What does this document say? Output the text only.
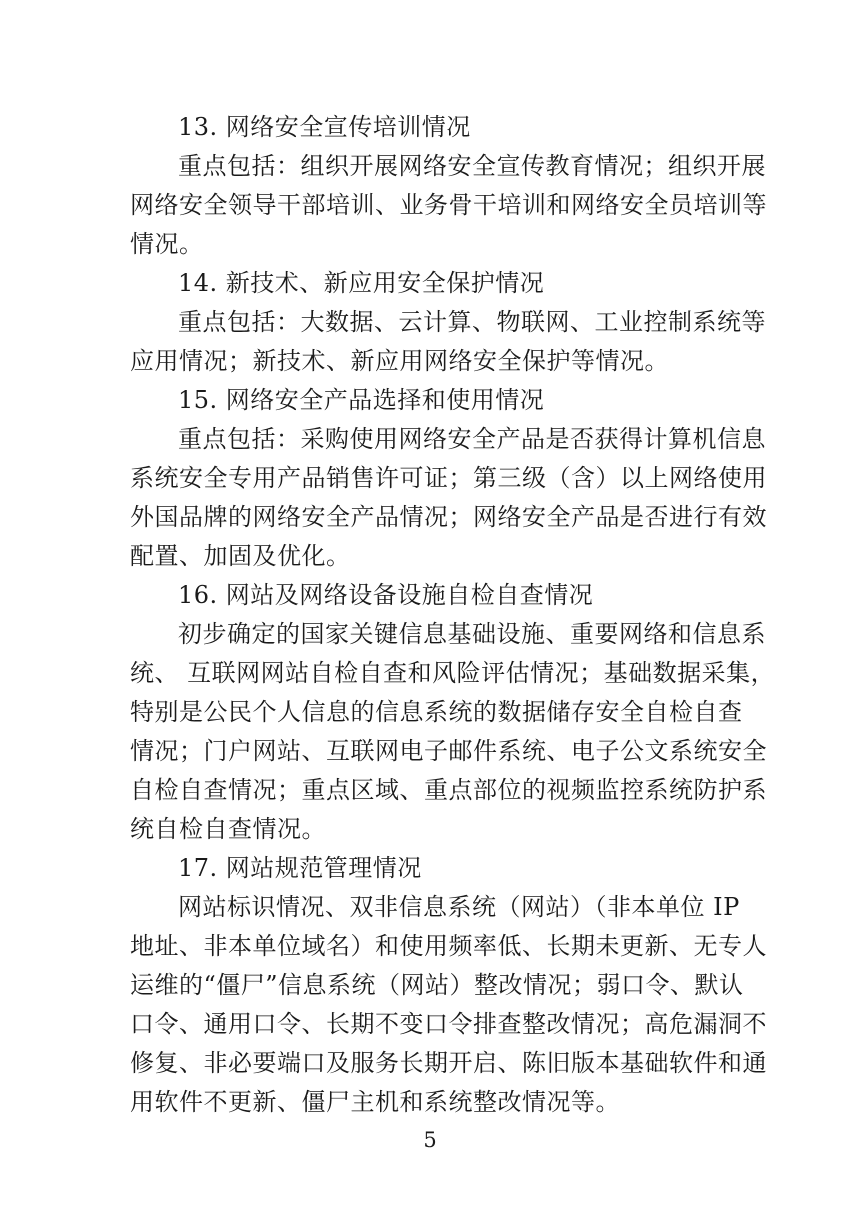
13. 网络安全宣传培训情况
重点包括：组织开展网络安全宣传教育情况；组织开展
网络安全领导干部培训、业务骨干培训和网络安全员培训等
情况。
14. 新技术、新应用安全保护情况
重点包括：大数据、云计算、物联网、工业控制系统等
应用情况；新技术、新应用网络安全保护等情况。
15. 网络安全产品选择和使用情况
重点包括：采购使用网络安全产品是否获得计算机信息
系统安全专用产品销售许可证；第三级（含）以上网络使用
外国品牌的网络安全产品情况；网络安全产品是否进行有效
配置、加固及优化。
16. 网站及网络设备设施自检自查情况
初步确定的国家关键信息基础设施、重要网络和信息系
统、 互联网网站自检自查和风险评估情况；基础数据采集，
特别是公民个人信息的信息系统的数据储存安全自检自查
情况；门户网站、互联网电子邮件系统、电子公文系统安全
自检自查情况；重点区域、重点部位的视频监控系统防护系
统自检自查情况。
17. 网站规范管理情况
网站标识情况、双非信息系统（网站）（非本单位 IP
地址、非本单位域名）和使用频率低、长期未更新、无专人
运维的“僵尸”信息系统（网站）整改情况；弱口令、默认
口令、通用口令、长期不变口令排查整改情况；高危漏洞不
修复、非必要端口及服务长期开启、陈旧版本基础软件和通
用软件不更新、僵尸主机和系统整改情况等。
5
